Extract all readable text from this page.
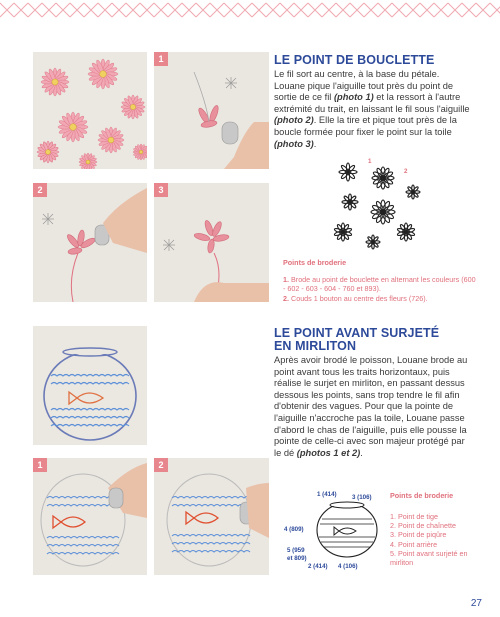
1
2	3
LE POINT DE BOUCLETTE
Le fil sort au centre, à la base du pétale. Louane pique l'aiguille tout près du point de sortie de ce fil (photo 1) et la ressort à l'autre extrémité du trait, en laissant le fil sous l'aiguille (photo 2). Elle la tire et pique tout près de la boucle formée pour fixer le point sur la toile (photo 3).
1
2
Points de broderie
1. Brode au point de bouclette en alternant les couleurs (600 - 602 - 603 - 604 - 760 et 893).
2. Couds 1 bouton au centre des fleurs (726).
1	2
LE POINT AVANT SURJETÉ
EN MIRLITON
Après avoir brodé le poisson, Louane brode au point avant tous les traits horizontaux, puis réalise le surjet en mirliton, en passant dessus dessous les points, sans trop tendre le fil afin d'obtenir des vagues. Pour que la pointe de l'aiguille n'accroche pas la toile, Louane passe d'abord le chas de l'aiguille, puis elle pousse la pointe de celle-ci avec son majeur protégé par le dé (photos 1 et 2).
1 (414) 3 (106)
4 (809)
5 (959
et 809)
2 (414) 4 (106)
Points de broderie
1. Point de tige
2. Point de chaînette
3. Point de piqûre
4. Point arrière
5. Point avant surjeté en mirliton
27
